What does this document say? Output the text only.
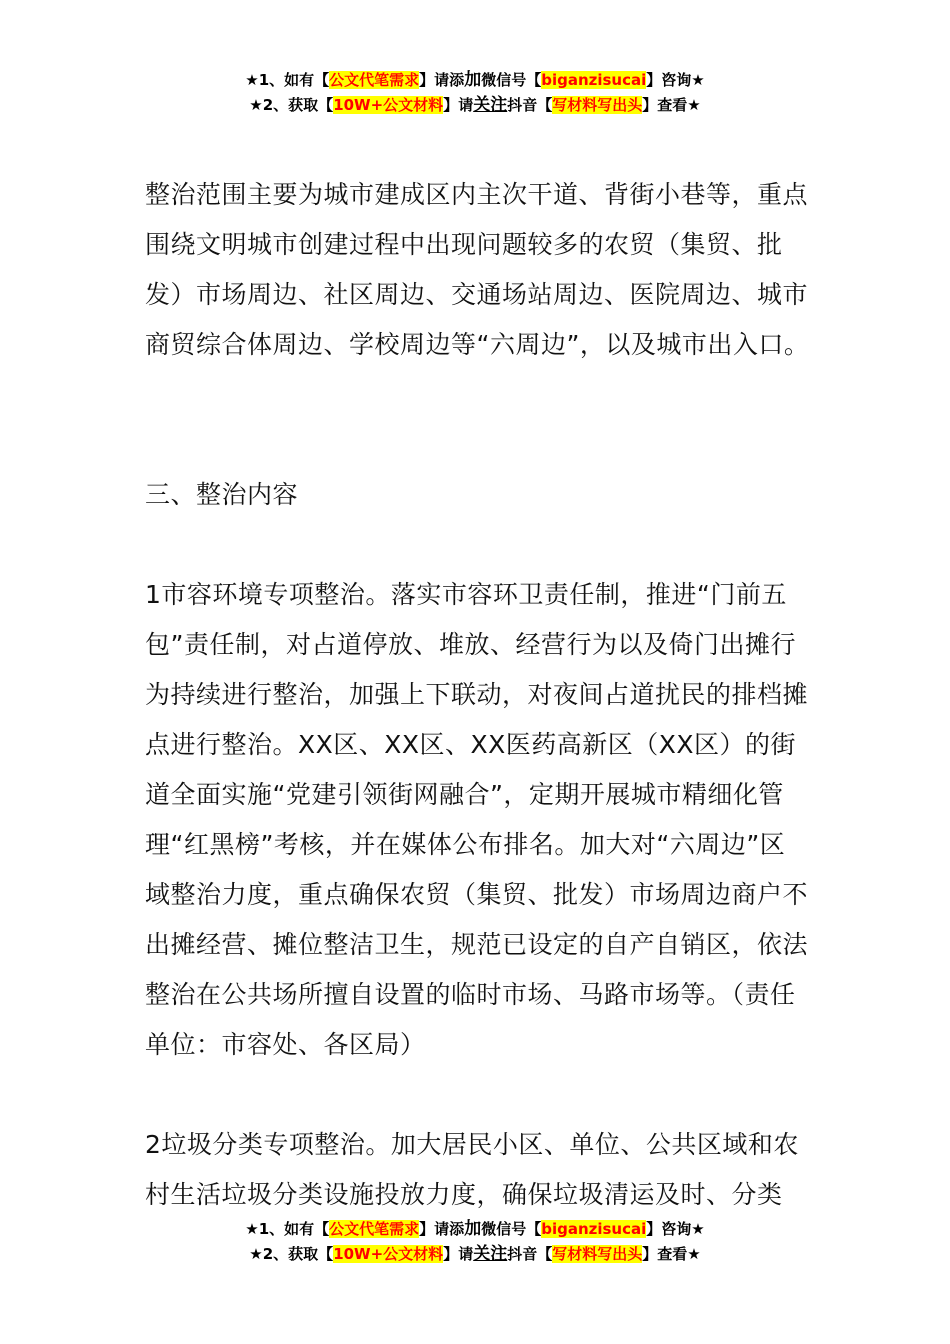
★1、如有【公文代笔需求】请添加微信号【biganzisucai】咨询★
★2、获取【10W+公文材料】请关注抖音【写材料写出头】查看★

整治范围主要为城市建成区内主次干道、背街小巷等，重点围绕文明城市创建过程中出现问题较多的农贸（集贸、批发）市场周边、社区周边、交通场站周边、医院周边、城市商贸综合体周边、学校周边等“六周边”，以及城市出入口。

三、整治内容

1市容环境专项整治。落实市容环卫责任制，推进“门前五包”责任制，对占道停放、堆放、经营行为以及倚门出摊行为持续进行整治，加强上下联动，对夜间占道扰民的排档摊点进行整治。XX区、XX区、XX医药高新区（XX区）的街道全面实施“党建引领街网融合”，定期开展城市精细化管理“红黑榜”考核，并在媒体公布排名。加大对“六周边”区域整治力度，重点确保农贸（集贸、批发）市场周边商户不出摊经营、摊位整洁卫生，规范已设定的自产自销区，依法整治在公共场所擅自设置的临时市场、马路市场等。（责任单位：市容处、各区局）

2垃圾分类专项整治。加大居民小区、单位、公共区域和农村生活垃圾分类设施投放力度，确保垃圾清运及时、分类

★1、如有【公文代笔需求】请添加微信号【biganzisucai】咨询★
★2、获取【10W+公文材料】请关注抖音【写材料写出头】查看★
